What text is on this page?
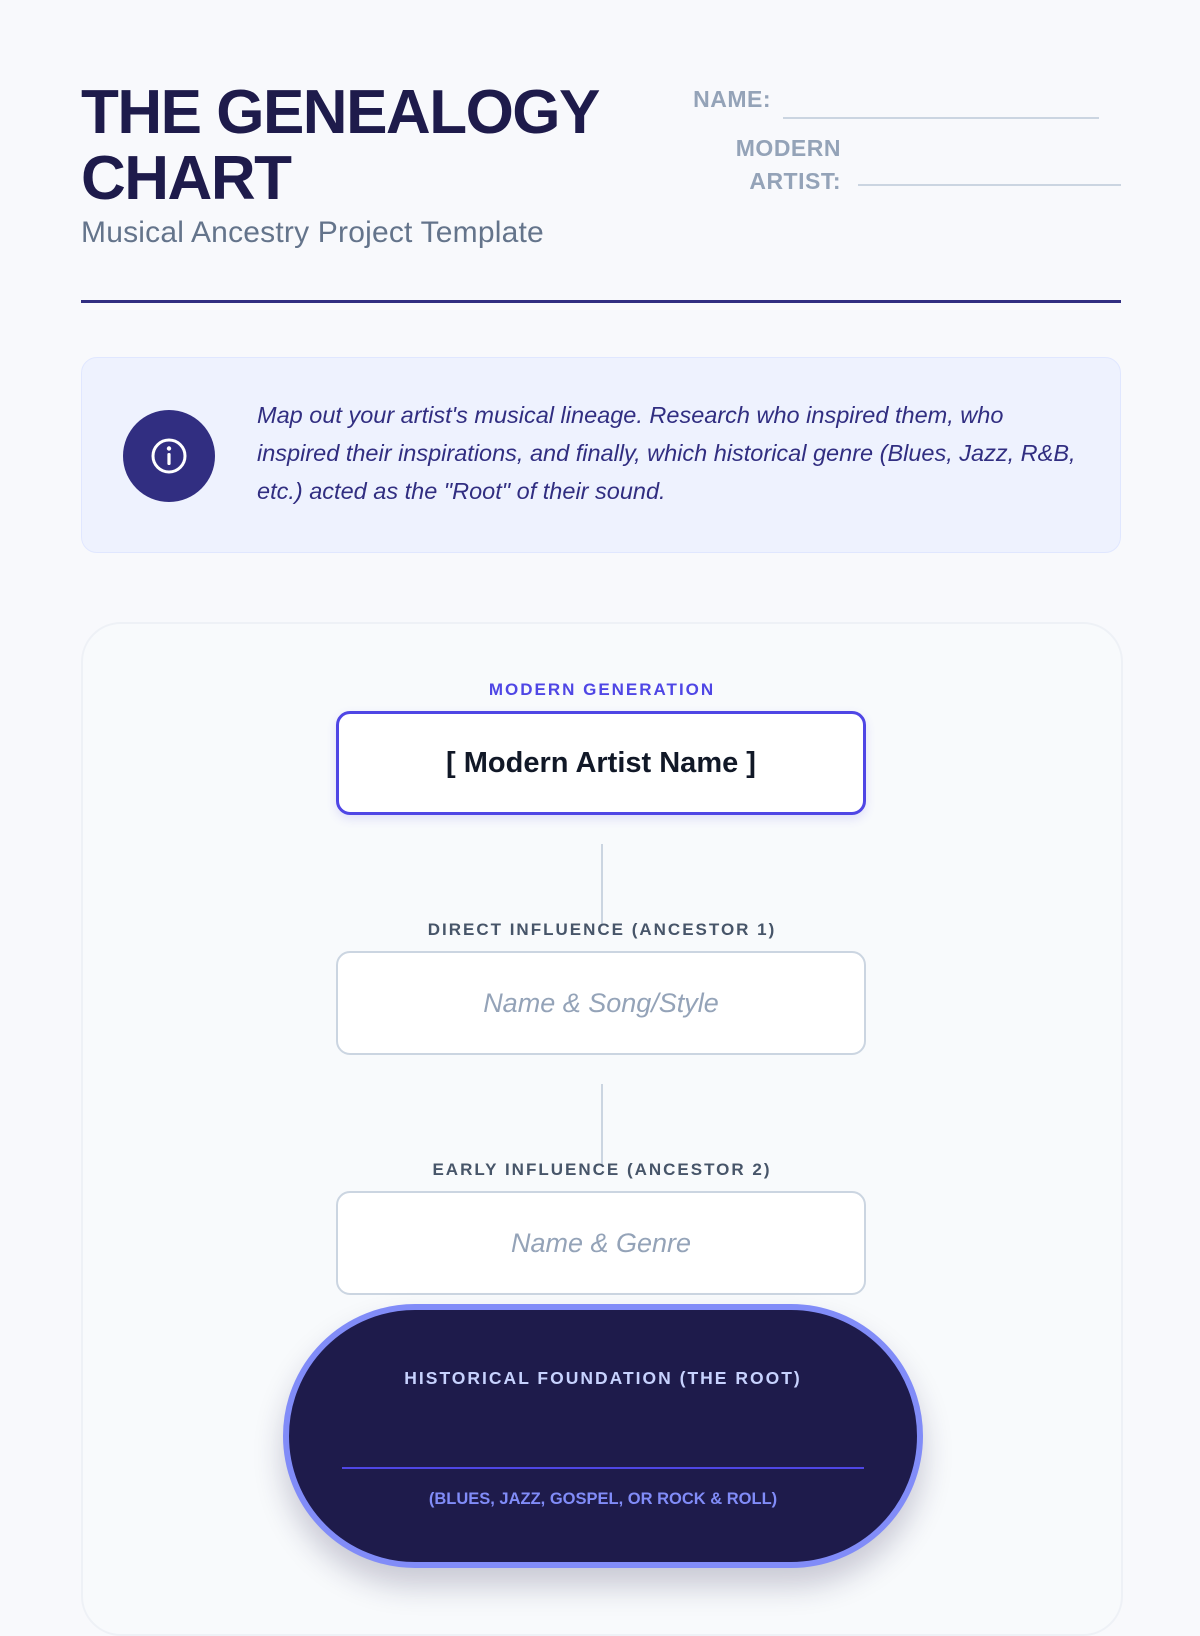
THE GENEALOGY CHART
Musical Ancestry Project Template
NAME:
MODERN
ARTIST:
Map out your artist's musical lineage. Research who inspired them, who inspired their inspirations, and finally, which historical genre (Blues, Jazz, R&B, etc.) acted as the "Root" of their sound.
MODERN GENERATION
[ Modern Artist Name ]
DIRECT INFLUENCE (ANCESTOR 1)
Name & Song/Style
EARLY INFLUENCE (ANCESTOR 2)
Name & Genre
HISTORICAL FOUNDATION (THE ROOT)
(BLUES, JAZZ, GOSPEL, OR ROCK & ROLL)
